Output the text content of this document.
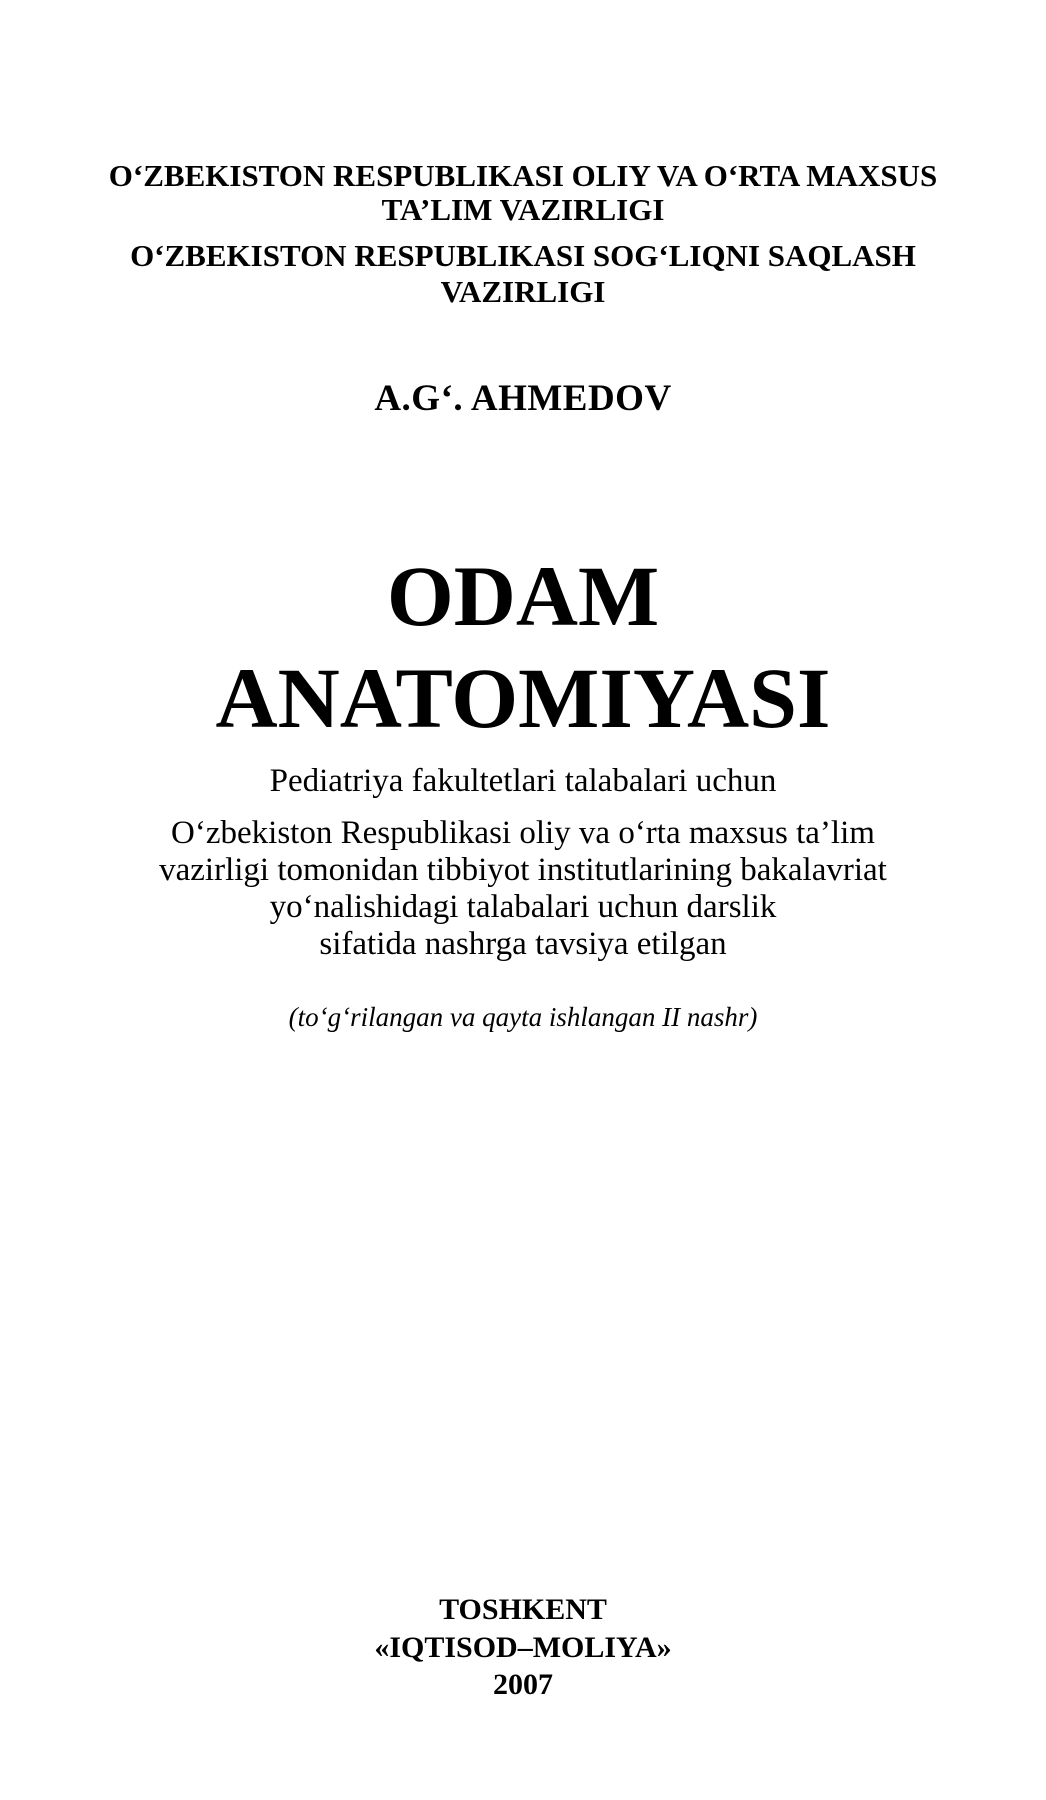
O‘ZBEKISTON RESPUBLIKASI OLIY VA O‘RTA MAXSUS
TA’LIM VAZIRLIGI
O‘ZBEKISTON RESPUBLIKASI SOG‘LIQNI SAQLASH
VAZIRLIGI
A.G‘. AHMEDOV
ODAM
ANATOMIYASI
Pediatriya fakultetlari talabalari uchun
O‘zbekiston Respublikasi oliy va o‘rta maxsus ta’lim
vazirligi tomonidan tibbiyot institutlarining bakalavriat
yo‘nalishidagi talabalari uchun darslik
sifatida nashrga tavsiya etilgan
(to‘g‘rilangan va qayta ishlangan II nashr)
TOSHKENT
«IQTISOD–MOLIYA»
2007
